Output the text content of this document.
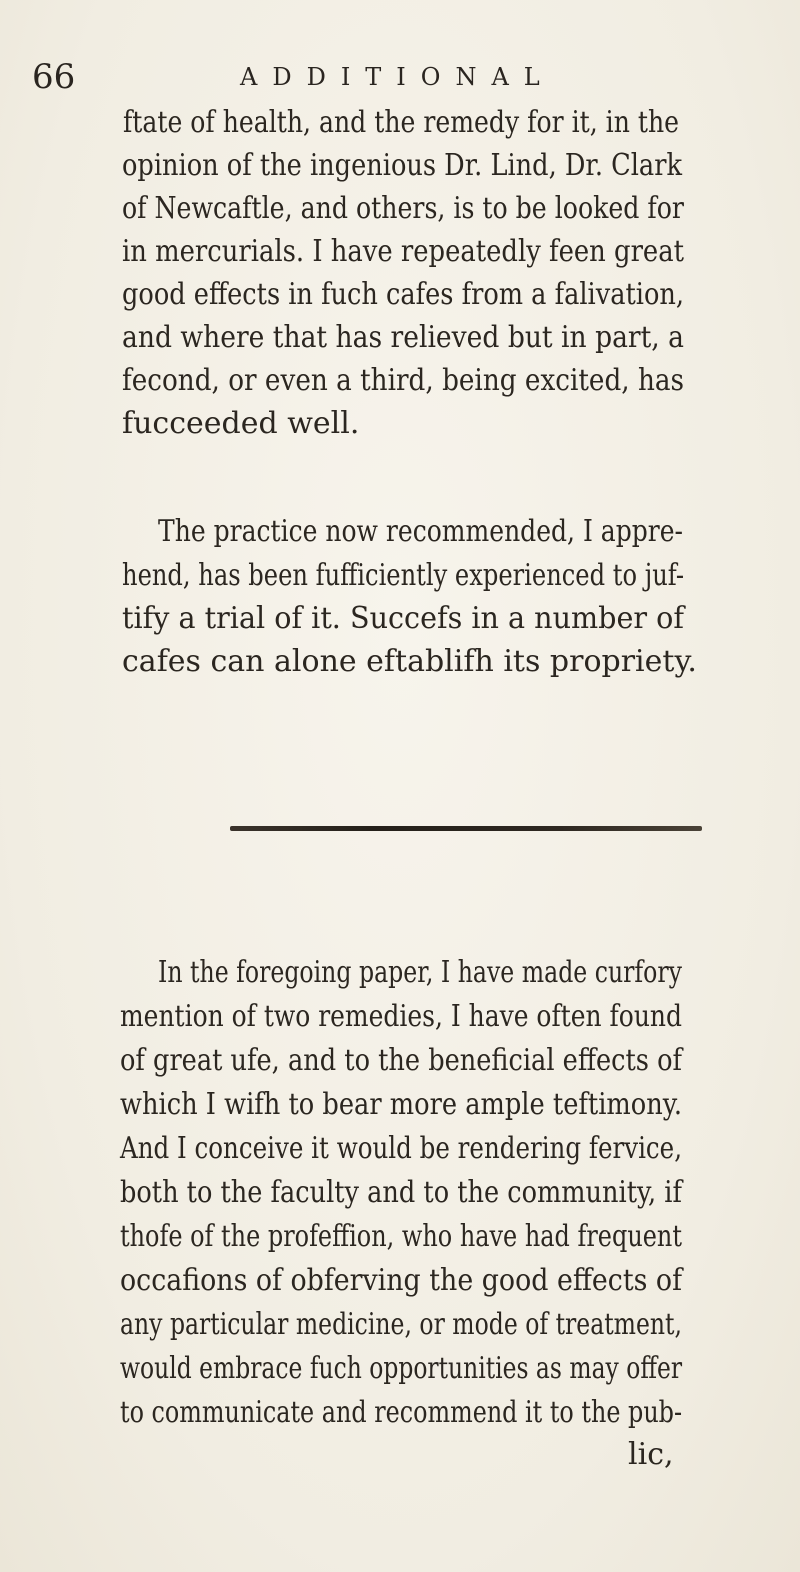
66	ADDITIONAL
ftate of health, and the remedy for it, in the
opinion of the ingenious Dr. Lind, Dr. Clark
of Newcaftle, and others, is to be looked for
in mercurials. I have repeatedly feen great
good effects in fuch cafes from a falivation,
and where that has relieved but in part, a
fecond, or even a third, being excited, has
fucceeded well.
The practice now recommended, I appre-
hend, has been fufficiently experienced to juf-
tify a trial of it. Succefs in a number of
cafes can alone eftablifh its propriety.
In the foregoing paper, I have made curfory
mention of two remedies, I have often found
of great ufe, and to the beneficial effects of
which I wifh to bear more ample teftimony.
And I conceive it would be rendering fervice,
both to the faculty and to the community, if
thofe of the profeffion, who have had frequent
occafions of obferving the good effects of
any particular medicine, or mode of treatment,
would embrace fuch opportunities as may offer
to communicate and recommend it to the pub-
lic,
